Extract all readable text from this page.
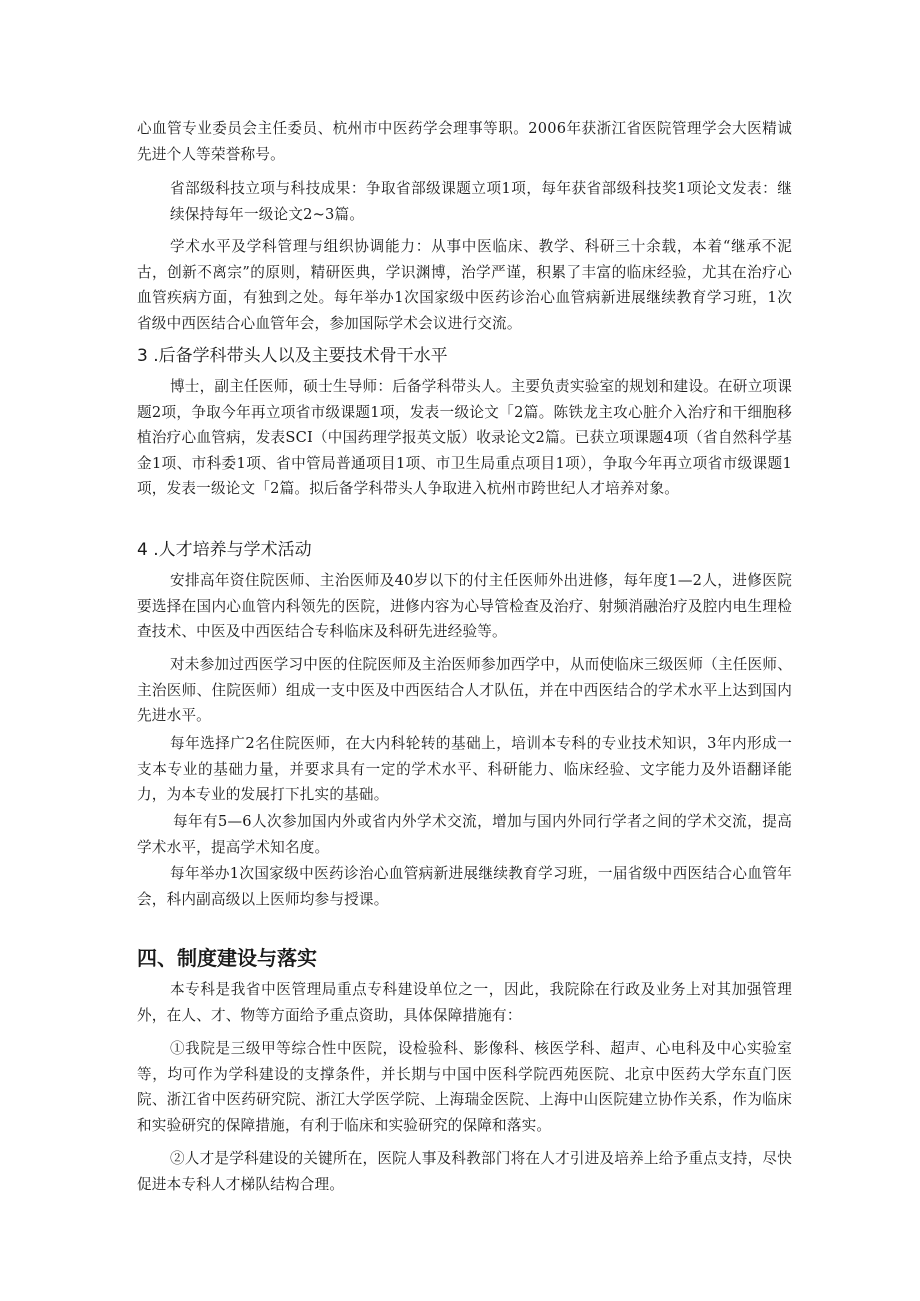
心血管专业委员会主任委员、杭州市中医药学会理事等职。2006年获浙江省医院管理学会大医精诚先进个人等荣誉称号。

省部级科技立项与科技成果：争取省部级课题立项1项，每年获省部级科技奖1项论文发表：继续保持每年一级论文2~3篇。

学术水平及学科管理与组织协调能力：从事中医临床、教学、科研三十余载，本着“继承不泥古，创新不离宗”的原则，精研医典，学识渊博，治学严谨，积累了丰富的临床经验，尤其在治疗心血管疾病方面，有独到之处。每年举办1次国家级中医药诊治心血管病新进展继续教育学习班，1次省级中西医结合心血管年会，参加国际学术会议进行交流。

3 .后备学科带头人以及主要技术骨干水平

博士，副主任医师，硕士生导师：后备学科带头人。主要负责实验室的规划和建设。在研立项课题2项，争取今年再立项省市级课题1项，发表一级论文「2篇。陈铁龙主攻心脏介入治疗和干细胞移植治疗心血管病，发表SCI（中国药理学报英文版）收录论文2篇。已获立项课题4项（省自然科学基金1项、市科委1项、省中管局普通项目1项、市卫生局重点项目1项），争取今年再立项省市级课题1项，发表一级论文「2篇。拟后备学科带头人争取进入杭州市跨世纪人才培养对象。

4 .人才培养与学术活动

安排高年资住院医师、主治医师及40岁以下的付主任医师外出进修，每年度1—2人，进修医院要选择在国内心血管内科领先的医院，进修内容为心导管检查及治疗、射频消融治疗及腔内电生理检查技术、中医及中西医结合专科临床及科研先进经验等。

对未参加过西医学习中医的住院医师及主治医师参加西学中，从而使临床三级医师（主任医师、主治医师、住院医师）组成一支中医及中西医结合人才队伍，并在中西医结合的学术水平上达到国内先进水平。

每年选择广2名住院医师，在大内科轮转的基础上，培训本专科的专业技术知识，3年内形成一支本专业的基础力量，并要求具有一定的学术水平、科研能力、临床经验、文字能力及外语翻译能力，为本专业的发展打下扎实的基础。

每年有5—6人次参加国内外或省内外学术交流，增加与国内外同行学者之间的学术交流，提高学术水平，提高学术知名度。

每年举办1次国家级中医药诊治心血管病新进展继续教育学习班，一届省级中西医结合心血管年会，科内副高级以上医师均参与授课。

四、制度建设与落实

本专科是我省中医管理局重点专科建设单位之一，因此，我院除在行政及业务上对其加强管理外，在人、才、物等方面给予重点资助，具体保障措施有：

①我院是三级甲等综合性中医院，设检验科、影像科、核医学科、超声、心电科及中心实验室等，均可作为学科建设的支撑条件，并长期与中国中医科学院西苑医院、北京中医药大学东直门医院、浙江省中医药研究院、浙江大学医学院、上海瑞金医院、上海中山医院建立协作关系，作为临床和实验研究的保障措施，有利于临床和实验研究的保障和落实。

②人才是学科建设的关键所在，医院人事及科教部门将在人才引进及培养上给予重点支持，尽快促进本专科人才梯队结构合理。
